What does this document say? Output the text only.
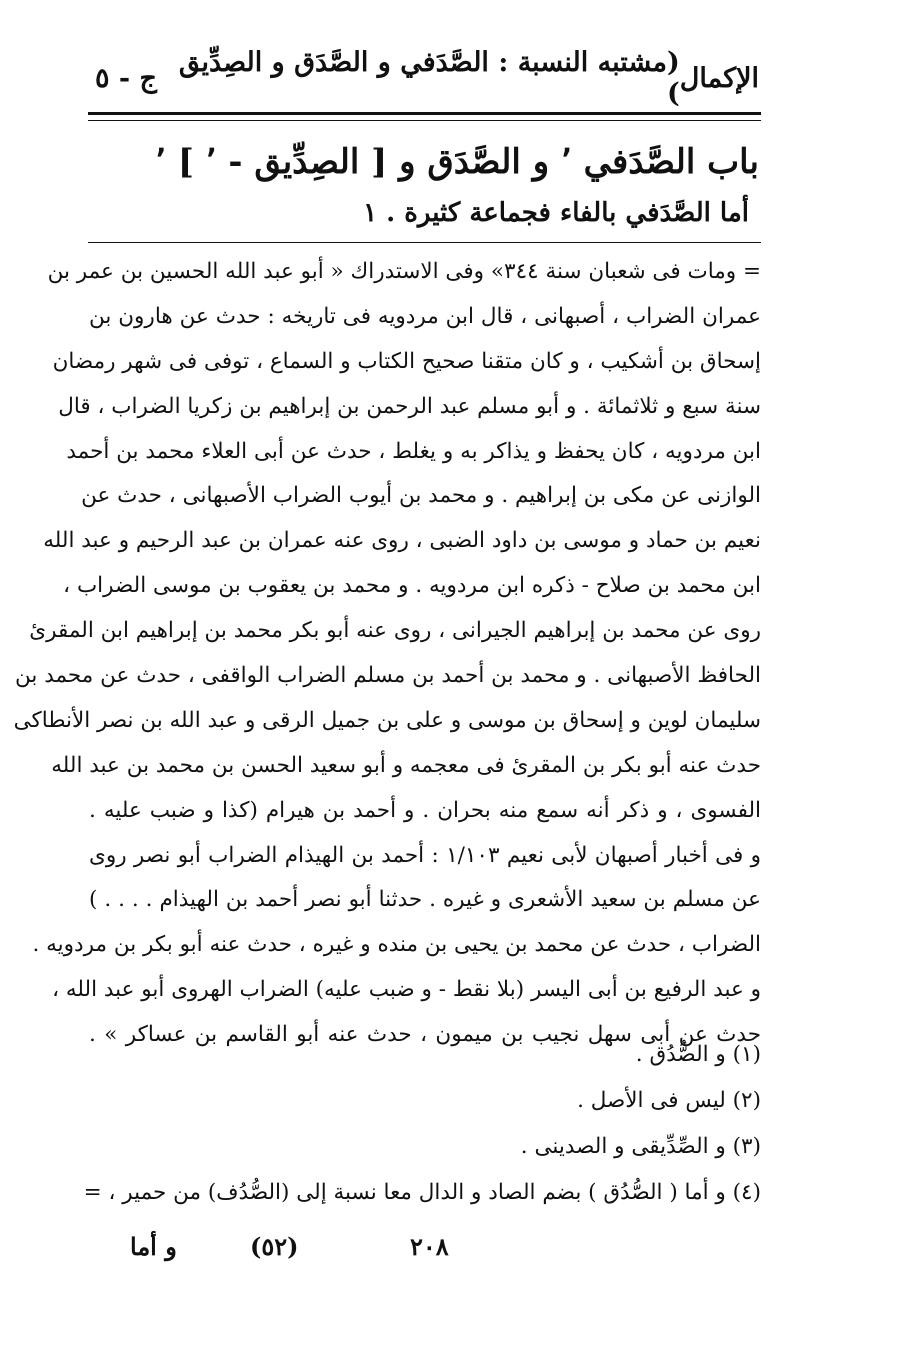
الإكمال
(مشتبه النسبة : الصَّدَفي و الصَّدَق و الصِدِّيق )
ج - ٥
باب الصَّدَفي ٬ و الصَّدَق و [ الصِدِّيق - ٬ ] ٬
أما الصَّدَفي بالفاء فجماعة كثيرة . ١
= ومات فى شعبان سنة ٣٤٤» وفى الاستدراك « أبو عبد الله الحسين بن عمر بن
عمران الضراب ، أصبهانى ، قال ابن مردويه فى تاريخه : حدث عن هارون بن
إسحاق بن أشكيب ، و كان متقنا صحيح الكتاب و السماع ، توفى فى شهر رمضان
سنة سبع و ثلاثمائة . و أبو مسلم عبد الرحمن بن إبراهيم بن زكريا الضراب ، قال
ابن مردويه ، كان يحفظ و يذاكر به و يغلط ، حدث عن أبى العلاء محمد بن أحمد
الوازنى عن مكى بن إبراهيم . و محمد بن أيوب الضراب الأصبهانى ، حدث عن
نعيم بن حماد و موسى بن داود الضبى ، روى عنه عمران بن عبد الرحيم و عبد الله
ابن محمد بن صلاح - ذكره ابن مردويه . و محمد بن يعقوب بن موسى الضراب ،
روى عن محمد بن إبراهيم الجيرانى ، روى عنه أبو بكر محمد بن إبراهيم ابن المقرئ
الحافظ الأصبهانى . و محمد بن أحمد بن مسلم الضراب الواقفى ، حدث عن محمد بن
سليمان لوين و إسحاق بن موسى و على بن جميل الرقى و عبد الله بن نصر الأنطاكى
حدث عنه أبو بكر بن المقرئ فى معجمه و أبو سعيد الحسن بن محمد بن عبد الله
الفسوى ، و ذكر أنه سمع منه بحران . و أحمد بن هيرام (كذا و ضبب عليه .
و فى أخبار أصبهان لأبى نعيم ١/١٠٣ : أحمد بن الهيذام الضراب أبو نصر روى
عن مسلم بن سعيد الأشعرى و غيره . حدثنا أبو نصر أحمد بن الهيذام . . . . )
الضراب ، حدث عن محمد بن يحيى بن منده و غيره ، حدث عنه أبو بكر بن مردويه .
و عبد الرفيع بن أبى اليسر (بلا نقط - و ضبب عليه) الضراب الهروى أبو عبد الله ،
حدث عن أبى سهل نجيب بن ميمون ، حدث عنه أبو القاسم بن عساكر » .
(١) و الصُّدُق .
(٢) ليس فى الأصل .
(٣) و الصِّدِّيقى و الصدينى .
(٤) و أما ( الصُّدُق ) بضم الصاد و الدال معا نسبة إلى (الصُّدُف) من حمير ، =
٢٠٨
(٥٢)
و أما
